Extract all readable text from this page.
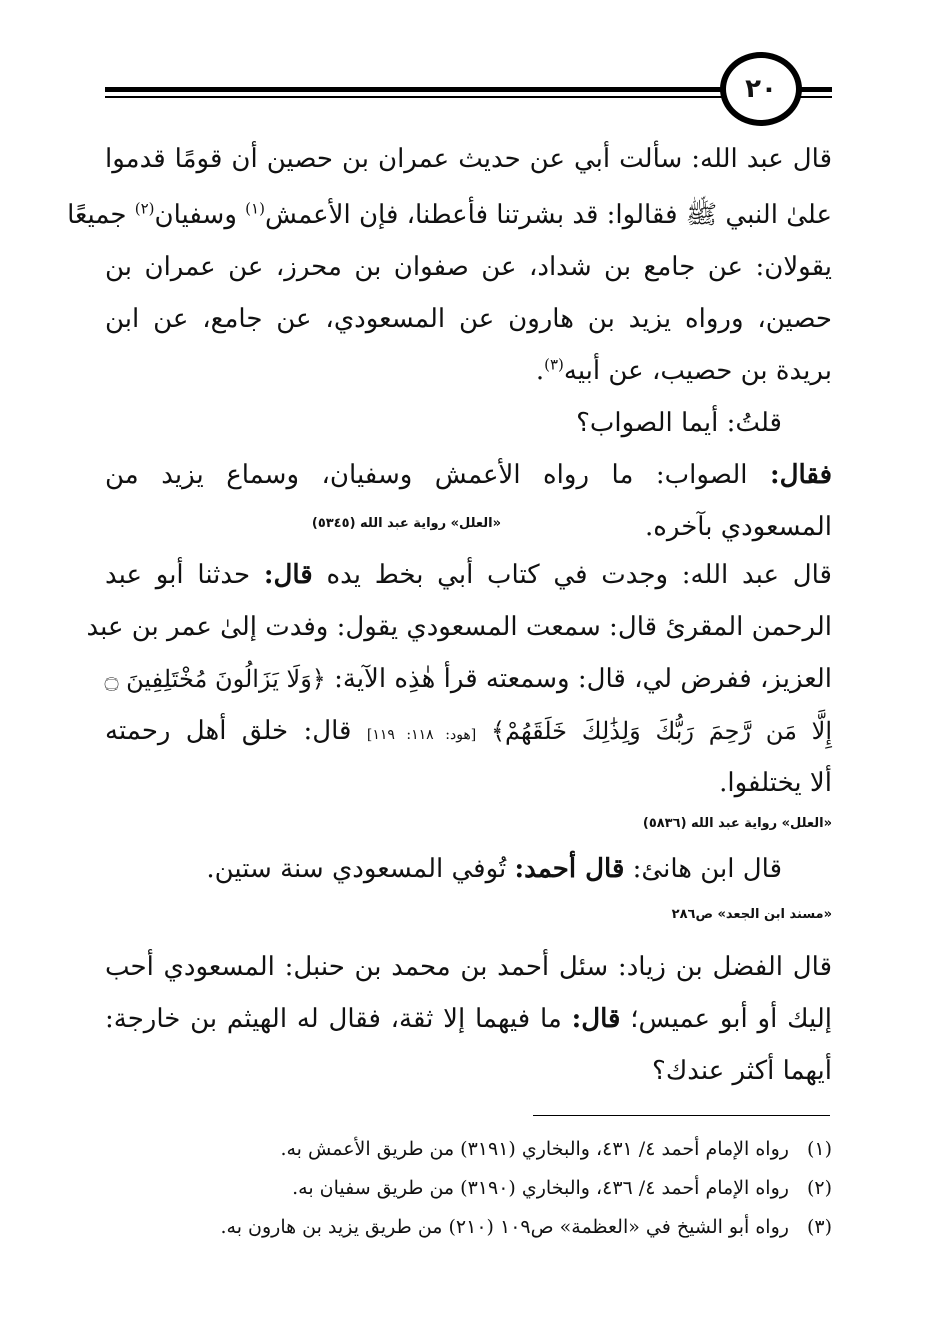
٢٠
قال عبد الله: سألت أبي عن حديث عمران بن حصين أن قومًا قدموا
علىٰ النبي ﷺ فقالوا: قد بشرتنا فأعطنا، فإن الأعمش$^{(١)}$ وسفيان$^{(٢)}$ جميعًا
يقولان: عن جامع بن شداد، عن صفوان بن محرز، عن عمران بن
حصين، ورواه يزيد بن هارون عن المسعودي، عن جامع، عن ابن
بريدة بن حصيب، عن أبيه$^{(٣)}$.
قلتُ: أيما الصواب؟
فقال: الصواب: ما رواه الأعمش وسفيان، وسماع يزيد من
المسعودي بآخره.
«العلل» رواية عبد الله (٥٣٤٥)
قال عبد الله: وجدت في كتاب أبي بخط يده قال: حدثنا أبو عبد
الرحمن المقرئ قال: سمعت المسعودي يقول: وفدت إلىٰ عمر بن عبد
العزيز، ففرض لي، قال: وسمعته قرأ هٰذِه الآية: ﴿وَلَا يَزَالُونَ مُخْتَلِفِينَ ۝
إِلَّا مَن رَّحِمَ رَبُّكَ وَلِذَٰلِكَ خَلَقَهُمْ﴾ [هود: ١١٨: ١١٩] قال: خلق أهل رحمته
ألا يختلفوا.
«العلل» رواية عبد الله (٥٨٣٦)
قال ابن هانئ: قال أحمد: تُوفي المسعودي سنة ستين.
«مسند ابن الجعد» ص٢٨٦
قال الفضل بن زياد: سئل أحمد بن محمد بن حنبل: المسعودي أحب
إليك أو أبو عميس؛ قال: ما فيهما إلا ثقة، فقال له الهيثم بن خارجة:
أيهما أكثر عندك؟
(١)رواه الإمام أحمد ٤/ ٤٣١، والبخاري (٣١٩١) من طريق الأعمش به.
(٢)رواه الإمام أحمد ٤/ ٤٣٦، والبخاري (٣١٩٠) من طريق سفيان به.
(٣)رواه أبو الشيخ في «العظمة» ص١٠٩ (٢١٠) من طريق يزيد بن هارون به.
